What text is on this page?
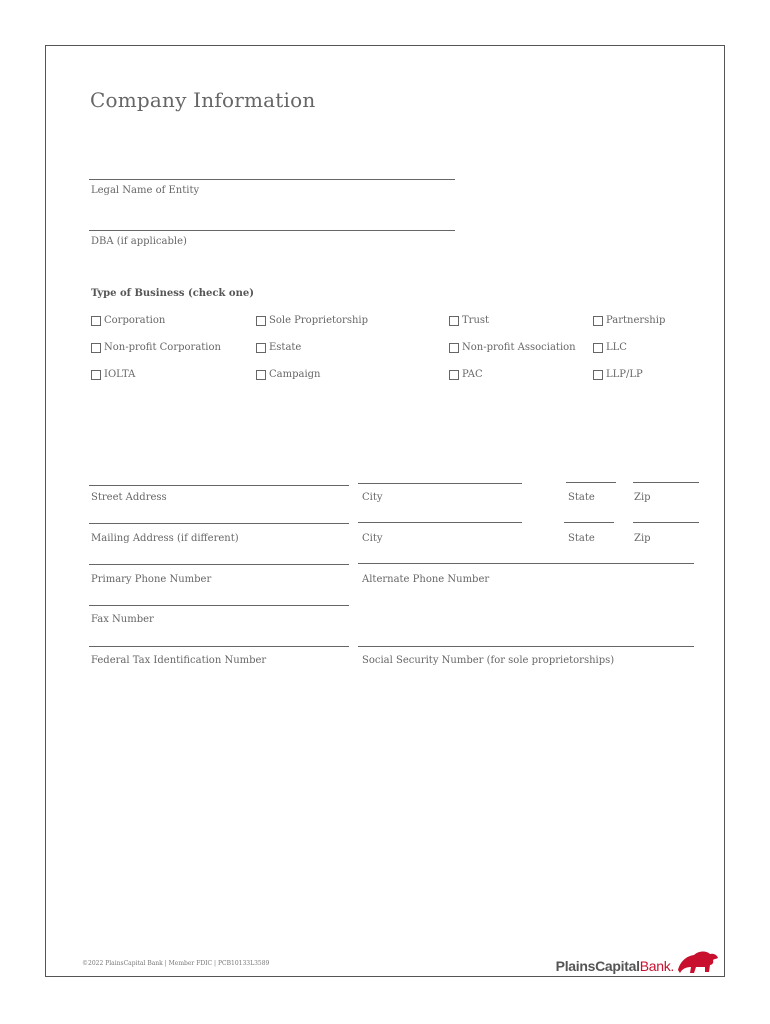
Company Information
Legal Name of Entity
DBA (if applicable)
Type of Business (check one)
Corporation	Sole Proprietorship	Trust	Partnership
Non-profit Corporation	Estate	Non-profit Association	LLC
IOLTA	Campaign	PAC	LLP/LP
Street Address	City	State	Zip
Mailing Address (if different)	City	State	Zip
Primary Phone Number	Alternate Phone Number
Fax Number
Federal Tax Identification Number	Social Security Number (for sole proprietorships)
©2022 PlainsCapital Bank | Member FDIC | PCB10133L3589	PlainsCapitalBank.
